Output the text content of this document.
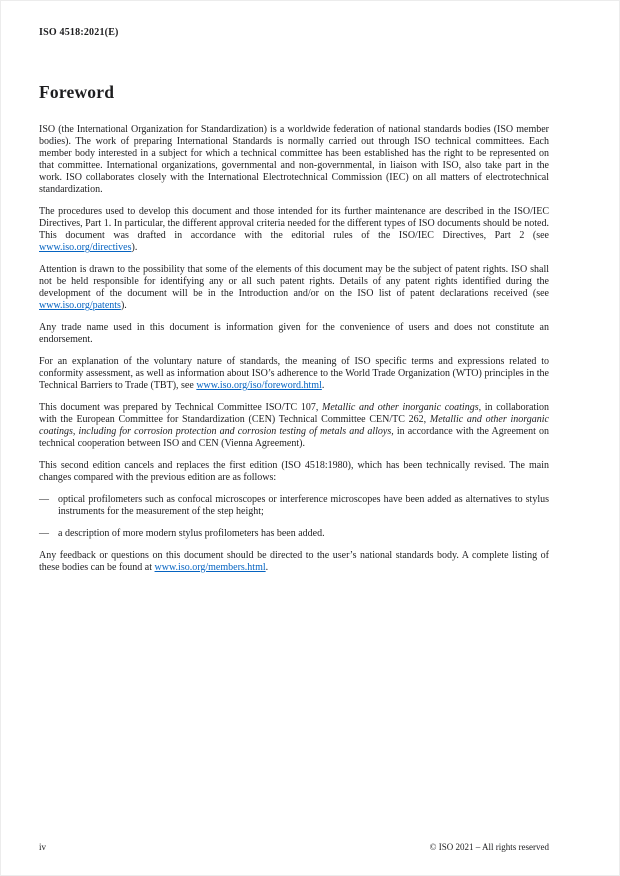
ISO 4518:2021(E)
Foreword

ISO (the International Organization for Standardization) is a worldwide federation of national standards bodies (ISO member bodies). The work of preparing International Standards is normally carried out through ISO technical committees. Each member body interested in a subject for which a technical committee has been established has the right to be represented on that committee. International organizations, governmental and non-governmental, in liaison with ISO, also take part in the work. ISO collaborates closely with the International Electrotechnical Commission (IEC) on all matters of electrotechnical standardization.

The procedures used to develop this document and those intended for its further maintenance are described in the ISO/IEC Directives, Part 1. In particular, the different approval criteria needed for the different types of ISO documents should be noted. This document was drafted in accordance with the editorial rules of the ISO/IEC Directives, Part 2 (see www.iso.org/directives).

Attention is drawn to the possibility that some of the elements of this document may be the subject of patent rights. ISO shall not be held responsible for identifying any or all such patent rights. Details of any patent rights identified during the development of the document will be in the Introduction and/or on the ISO list of patent declarations received (see www.iso.org/patents).

Any trade name used in this document is information given for the convenience of users and does not constitute an endorsement.

For an explanation of the voluntary nature of standards, the meaning of ISO specific terms and expressions related to conformity assessment, as well as information about ISO’s adherence to the World Trade Organization (WTO) principles in the Technical Barriers to Trade (TBT), see www.iso.org/iso/foreword.html.

This document was prepared by Technical Committee ISO/TC 107, Metallic and other inorganic coatings, in collaboration with the European Committee for Standardization (CEN) Technical Committee CEN/TC 262, Metallic and other inorganic coatings, including for corrosion protection and corrosion testing of metals and alloys, in accordance with the Agreement on technical cooperation between ISO and CEN (Vienna Agreement).

This second edition cancels and replaces the first edition (ISO 4518:1980), which has been technically revised. The main changes compared with the previous edition are as follows:

— optical profilometers such as confocal microscopes or interference microscopes have been added as alternatives to stylus instruments for the measurement of the step height;
— a description of more modern stylus profilometers has been added.

Any feedback or questions on this document should be directed to the user’s national standards body. A complete listing of these bodies can be found at www.iso.org/members.html.

iv	© ISO 2021 – All rights reserved
